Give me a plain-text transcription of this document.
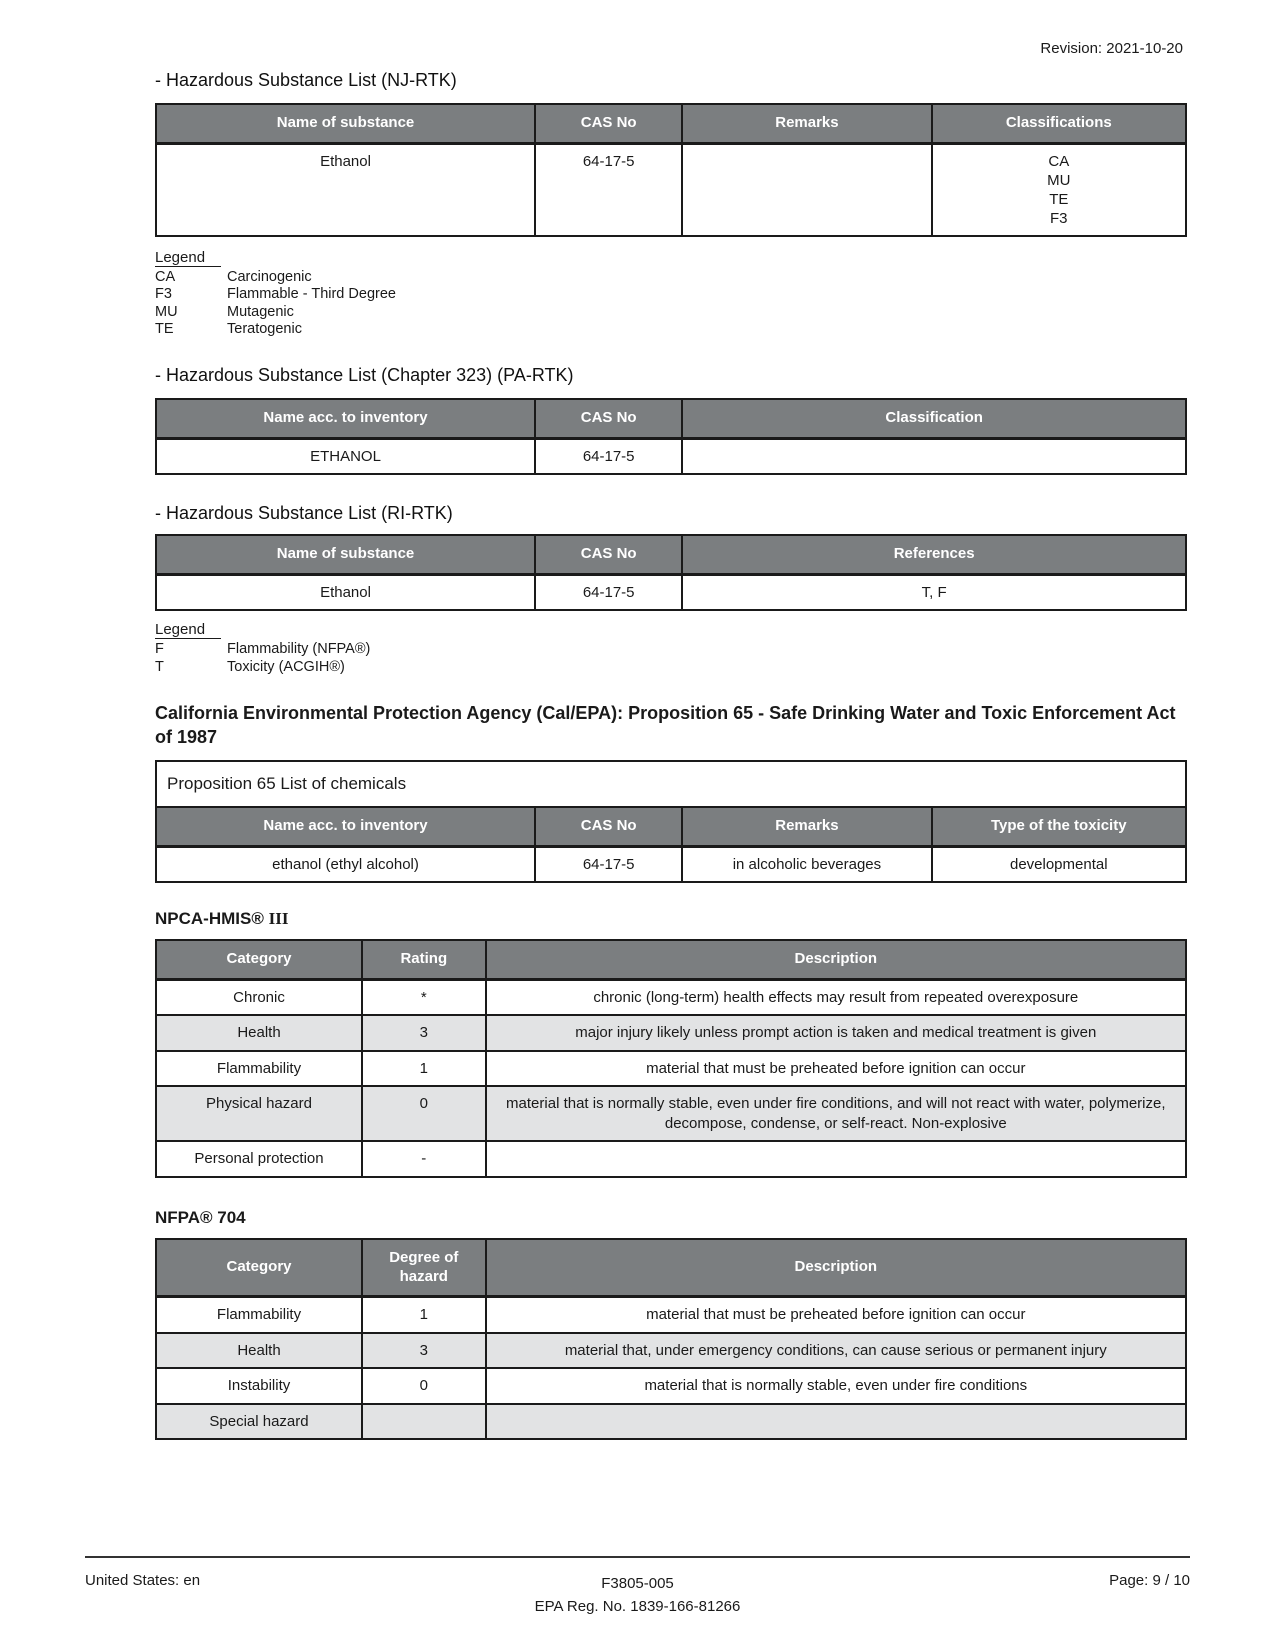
Revision: 2021-10-20
- Hazardous Substance List (NJ-RTK)
Name of substance	CAS No	Remarks	Classifications
Ethanol	64-17-5		CA
MU
TE
F3
Legend
CA	Carcinogenic
F3	Flammable - Third Degree
MU	Mutagenic
TE	Teratogenic
- Hazardous Substance List (Chapter 323) (PA-RTK)
Name acc. to inventory	CAS No	Classification
ETHANOL	64-17-5	
- Hazardous Substance List (RI-RTK)
Name of substance	CAS No	References
Ethanol	64-17-5	T, F
Legend
F	Flammability (NFPA®)
T	Toxicity (ACGIH®)
California Environmental Protection Agency (Cal/EPA): Proposition 65 - Safe Drinking Water and Toxic Enforcement Act of 1987
Proposition 65 List of chemicals			
Name acc. to inventory	CAS No	Remarks	Type of the toxicity
ethanol (ethyl alcohol)	64-17-5	in alcoholic beverages	developmental
NPCA-HMIS® III
Category	Rating	Description
Chronic	*	chronic (long-term) health effects may result from repeated overexposure
Health	3	major injury likely unless prompt action is taken and medical treatment is given
Flammability	1	material that must be preheated before ignition can occur
Physical hazard	0	material that is normally stable, even under fire conditions, and will not react with water, polymerize, decompose, condense, or self-react. Non-explosive
Personal protection	-	
NFPA® 704
Category	Degree of hazard	Description
Flammability	1	material that must be preheated before ignition can occur
Health	3	material that, under emergency conditions, can cause serious or permanent injury
Instability	0	material that is normally stable, even under fire conditions
Special hazard		
United States: en	F3805-005
EPA Reg. No. 1839-166-81266
Page: 9 / 10
